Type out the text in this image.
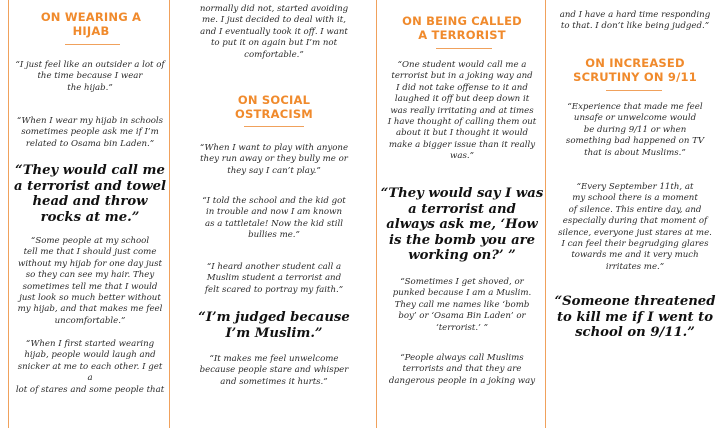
ON WEARING A
HIJAB
“I just feel like an outsider a lot of
the time because I wear
the hijab.”
“When I wear my hijab in schools
sometimes people ask me if I’m
related to Osama bin Laden.”
“They would call me
a terrorist and towel
head and throw
rocks at me.”
“Some people at my school
tell me that I should just come
without my hijab for one day just
so they can see my hair. They
sometimes tell me that I would
just look so much better without
my hijab, and that makes me feel
uncomfortable.”
“When I first started wearing
hijab, people would laugh and
snicker at me to each other. I get a
lot of stares and some people that
normally did not, started avoiding
me. I just decided to deal with it,
and I eventually took it off. I want
to put it on again but I’m not
comfortable.”
ON SOCIAL
OSTRACISM
“When I want to play with anyone
they run away or they bully me or
they say I can’t play.”
“I told the school and the kid got
in trouble and now I am known
as a tattletale! Now the kid still
bullies me.”
“I heard another student call a
Muslim student a terrorist and
felt scared to portray my faith.”
“I’m judged because
I’m Muslim.”
“It makes me feel unwelcome
because people stare and whisper
and sometimes it hurts.”
ON BEING CALLED
A TERRORIST
“One student would call me a
terrorist but in a joking way and
I did not take offense to it and
laughed it off but deep down it
was really irritating and at times
I have thought of calling them out
about it but I thought it would
make a bigger issue than it really
was.”
“They would say I was
a terrorist and
always ask me, ‘How
is the bomb you are
working on?’ ”
“Sometimes I get shoved, or
punked because I am a Muslim.
They call me names like ‘bomb
boy’ or ‘Osama Bin Laden’ or
‘terrorist.’ ”
“People always call Muslims
terrorists and that they are
dangerous people in a joking way
and I have a hard time responding
to that. I don’t like being judged.”
ON INCREASED
SCRUTINY ON 9/11
“Experience that made me feel
unsafe or unwelcome would
be during 9/11 or when
something bad happened on TV
that is about Muslims.”
“Every September 11th, at
my school there is a moment
of silence. This entire day, and
especially during that moment of
silence, everyone just stares at me.
I can feel their begrudging glares
towards me and it very much
irritates me.”
“Someone threatened
to kill me if I went to
school on 9/11.”
